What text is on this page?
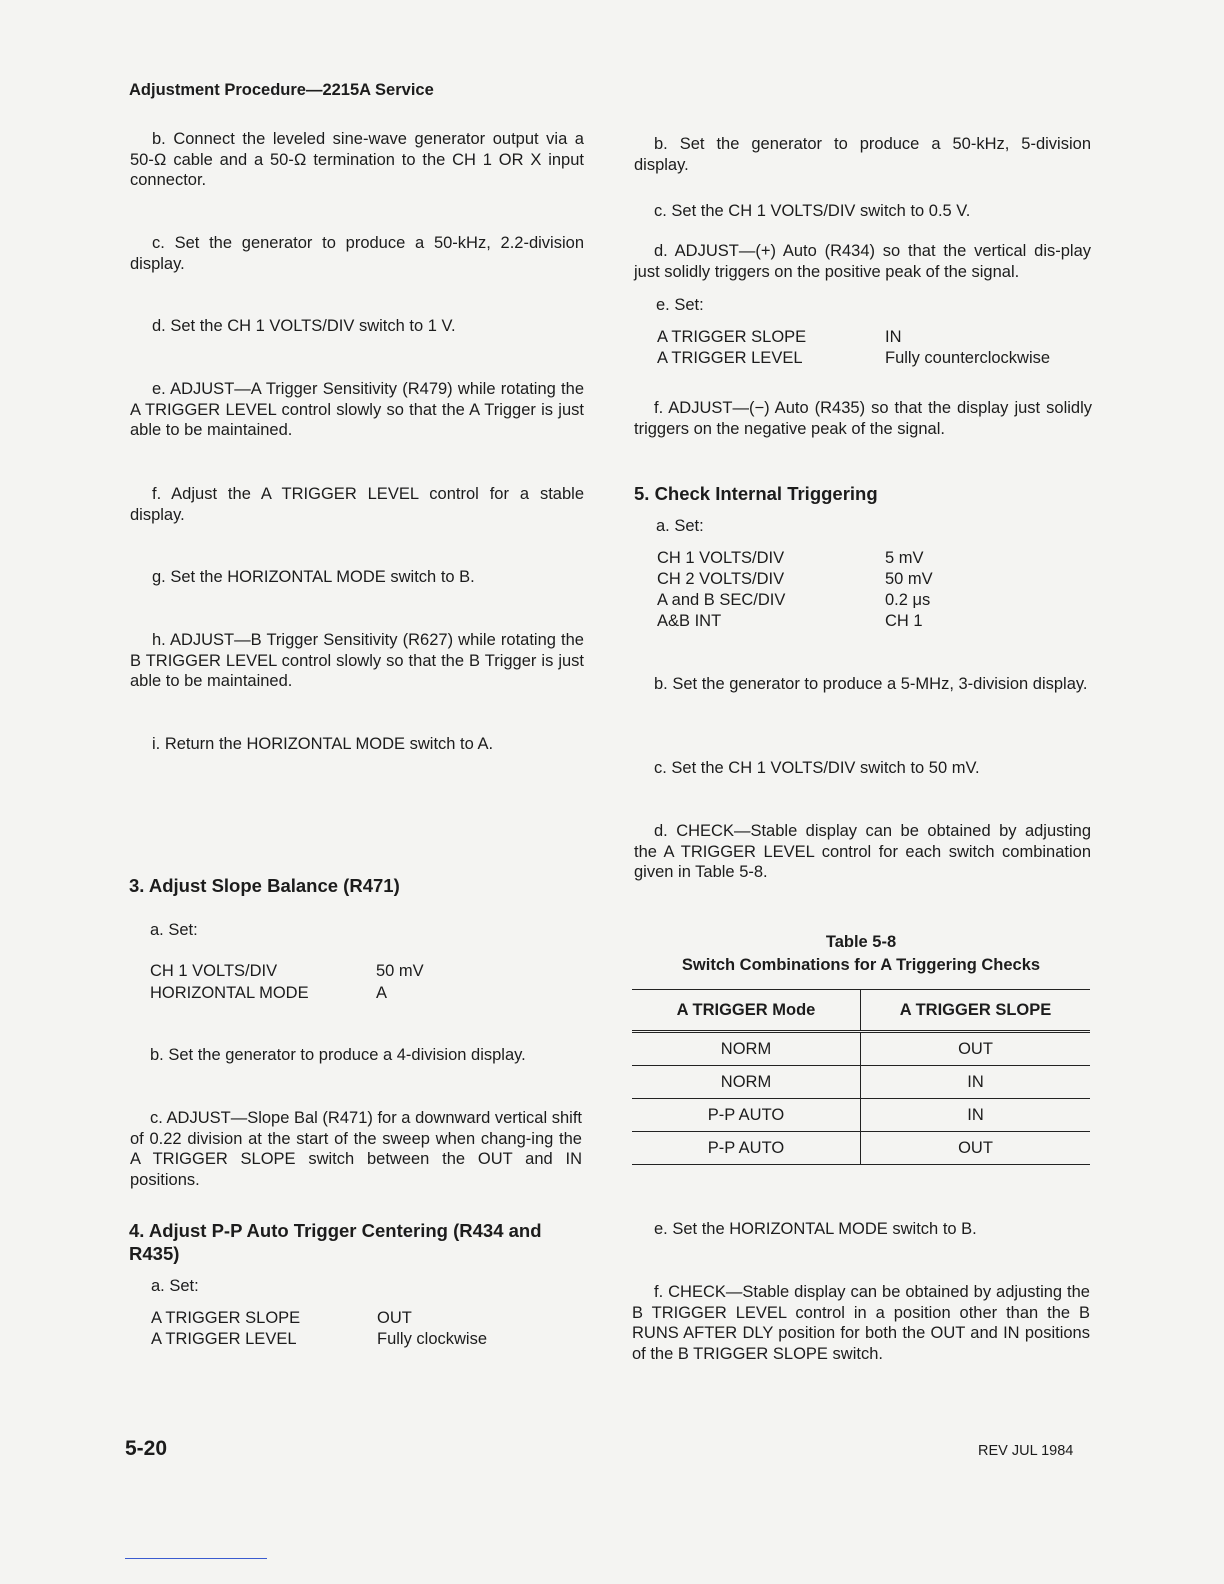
Adjustment Procedure—2215A Service

b. Connect the leveled sine-wave generator output via a 50-Ω cable and a 50-Ω termination to the CH 1 OR X input connector.

c. Set the generator to produce a 50-kHz, 2.2-division display.

d. Set the CH 1 VOLTS/DIV switch to 1 V.

e. ADJUST—A Trigger Sensitivity (R479) while rotating the A TRIGGER LEVEL control slowly so that the A Trigger is just able to be maintained.

f. Adjust the A TRIGGER LEVEL control for a stable display.

g. Set the HORIZONTAL MODE switch to B.

h. ADJUST—B Trigger Sensitivity (R627) while rotating the B TRIGGER LEVEL control slowly so that the B Trigger is just able to be maintained.

i. Return the HORIZONTAL MODE switch to A.

3. Adjust Slope Balance (R471)

a. Set:

CH 1 VOLTS/DIV	50 mV
HORIZONTAL MODE	A

b. Set the generator to produce a 4-division display.

c. ADJUST—Slope Bal (R471) for a downward vertical shift of 0.22 division at the start of the sweep when chang-ing the A TRIGGER SLOPE switch between the OUT and IN positions.

4. Adjust P-P Auto Trigger Centering (R434 and R435)

a. Set:

A TRIGGER SLOPE	OUT
A TRIGGER LEVEL	Fully clockwise

b. Set the generator to produce a 50-kHz, 5-division display.

c. Set the CH 1 VOLTS/DIV switch to 0.5 V.

d. ADJUST—(+) Auto (R434) so that the vertical dis-play just solidly triggers on the positive peak of the signal.

e. Set:

A TRIGGER SLOPE	IN
A TRIGGER LEVEL	Fully counterclockwise

f. ADJUST—(−) Auto (R435) so that the display just solidly triggers on the negative peak of the signal.

5. Check Internal Triggering

a. Set:

CH 1 VOLTS/DIV	5 mV
CH 2 VOLTS/DIV	50 mV
A and B SEC/DIV	0.2 μs
A&B INT	CH 1

b. Set the generator to produce a 5-MHz, 3-division display.

c. Set the CH 1 VOLTS/DIV switch to 50 mV.

d. CHECK—Stable display can be obtained by adjusting the A TRIGGER LEVEL control for each switch combination given in Table 5-8.

Table 5-8
Switch Combinations for A Triggering Checks
A TRIGGER Mode	A TRIGGER SLOPE
NORM	OUT
NORM	IN
P-P AUTO	IN
P-P AUTO	OUT

e. Set the HORIZONTAL MODE switch to B.

f. CHECK—Stable display can be obtained by adjusting the B TRIGGER LEVEL control in a position other than the B RUNS AFTER DLY position for both the OUT and IN positions of the B TRIGGER SLOPE switch.

5-20	REV JUL 1984
